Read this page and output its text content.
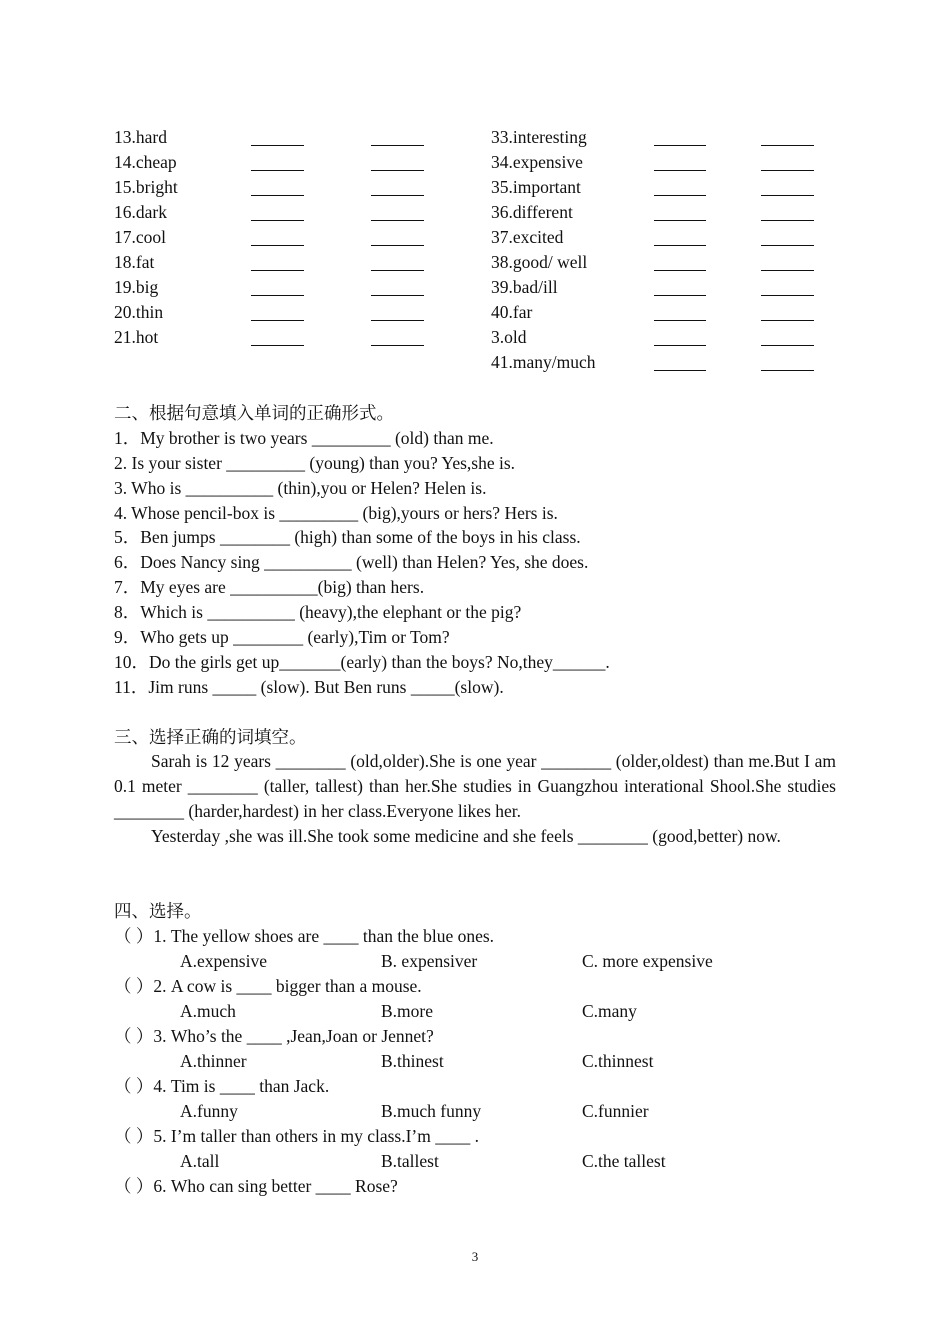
13.hard
14.cheap
15.bright
16.dark
17.cool
18.fat
19.big
20.thin
21.hot
33.interesting
34.expensive
35.important
36.different
37.excited
38.good/ well
39.bad/ill
40.far
3.old
41.many/much
二、根据句意填入单词的正确形式。
1．My brother is two years _________ (old) than me.
2. Is your sister _________ (young) than you? Yes,she is.
3. Who is __________ (thin),you or Helen? Helen is.
4. Whose pencil-box is _________ (big),yours or hers? Hers is.
5．Ben jumps ________ (high) than some of the boys in his class.
6．Does Nancy sing __________ (well) than Helen? Yes, she does.
7．My eyes are __________(big) than hers.
8．Which is __________ (heavy),the elephant or the pig?
9．Who gets up ________ (early),Tim or Tom?
10．Do the girls get up_______(early) than the boys? No,they______.
11．Jim runs _____ (slow). But Ben runs _____(slow).
三、选择正确的词填空。
Sarah is 12 years ________ (old,older).She is one year ________ (older,oldest) than me.But I am 0.1 meter ________ (taller, tallest) than her.She studies in Guangzhou interational Shool.She studies ________ (harder,hardest) in her class.Everyone likes her.
Yesterday ,she was ill.She took some medicine and she feels ________ (good,better) now.
四、选择。
（ ）1. The yellow shoes are ____ than the blue ones.
A.expensive	B. expensiver	C. more expensive
（ ）2. A cow is ____ bigger than a mouse.
A.much	B.more	C.many
（ ）3. Who’s the ____ ,Jean,Joan or Jennet?
A.thinner	B.thinest	C.thinnest
（ ）4. Tim is ____ than Jack.
A.funny	B.much funny	C.funnier
（ ）5. I’m taller than others in my class.I’m ____ .
A.tall	B.tallest	C.the tallest
（ ）6. Who can sing better ____ Rose?
3
